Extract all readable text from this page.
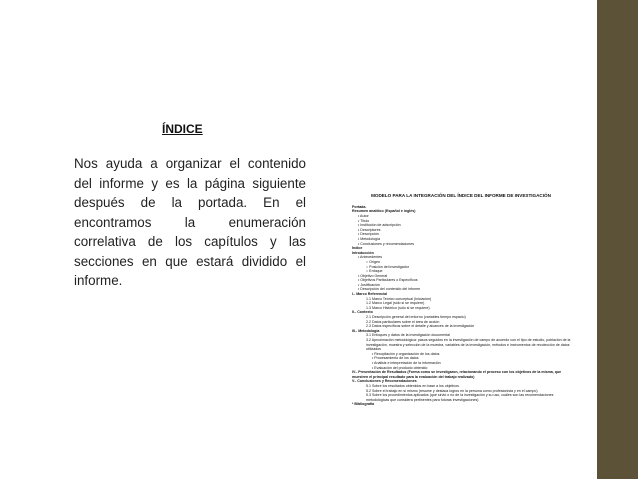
ÍNDICE
Nos ayuda a organizar el contenido del informe y es la página siguiente después de la portada. En el encontramos la enumeración correlativa de los capítulos y las secciones en que estará dividido el informe.
MODELO PARA LA INTEGRACIÓN DEL ÍNDICE DEL INFORME DE INVESTIGACIÓN
Portada.
Resumen analítico (Español e inglés)
• Autor
• Título
• Institución de adscripción
• Descriptores
• Descripción
• Metodología
• Conclusiones y recomendaciones
Índice
Introducción
• Antecedentes
○ Origen
○ Posición del investigador
○ Enfoque
• Objetivo General
• Objetivos Particulares o Específicos
• Justificación
• Descripción del contenido del informe
I.- Marco Referencial
1.1 Marco Teórico conceptual (Iniciación)
1.2 Marco Legal (sólo si se requiere)
1.3 Marco Histórico (sólo si se requiere)
II.- Contexto
2.1 Descripción general del entorno (variables tiempo espacio)
2.2 Datos particulares sobre el área de acción
2.3 Datos específicos sobre el detalle y alcances de la investigación
III.- Metodología
3.1 Enfoques y datos de la investigación documental
3.2 Aproximación metodológica: pasos seguidos en la investigación de campo de acuerdo con el tipo de estudio, población de la investigación, muestra y selección de la muestra, variables de la investigación, métodos e instrumentos de recolección de datos utilizados
• Recopilación y organización de los datos
• Procesamiento de los datos
• Análisis e interpretación de la información
• Evaluación del producto obtenido
IV.- Presentación de Resultados (Forma como se investigaron, relacionando el proceso con los objetivos de la misma, que muestren el principal resultado para la evaluación del trabajo realizado)
V.- Conclusiones y Recomendaciones
5.1 Sobre los resultados obtenidos en base a los objetivos
5.2 Sobre el trabajo en sí mismo (resume y destaca logros en la persona como profesionista y en el campo)
5.3 Sobre los procedimientos aplicados (qué sirvió o no de la investigación y su uso, cuáles son las recomendaciones metodológicas que considera pertinentes para futuras investigaciones)
* Bibliografía
